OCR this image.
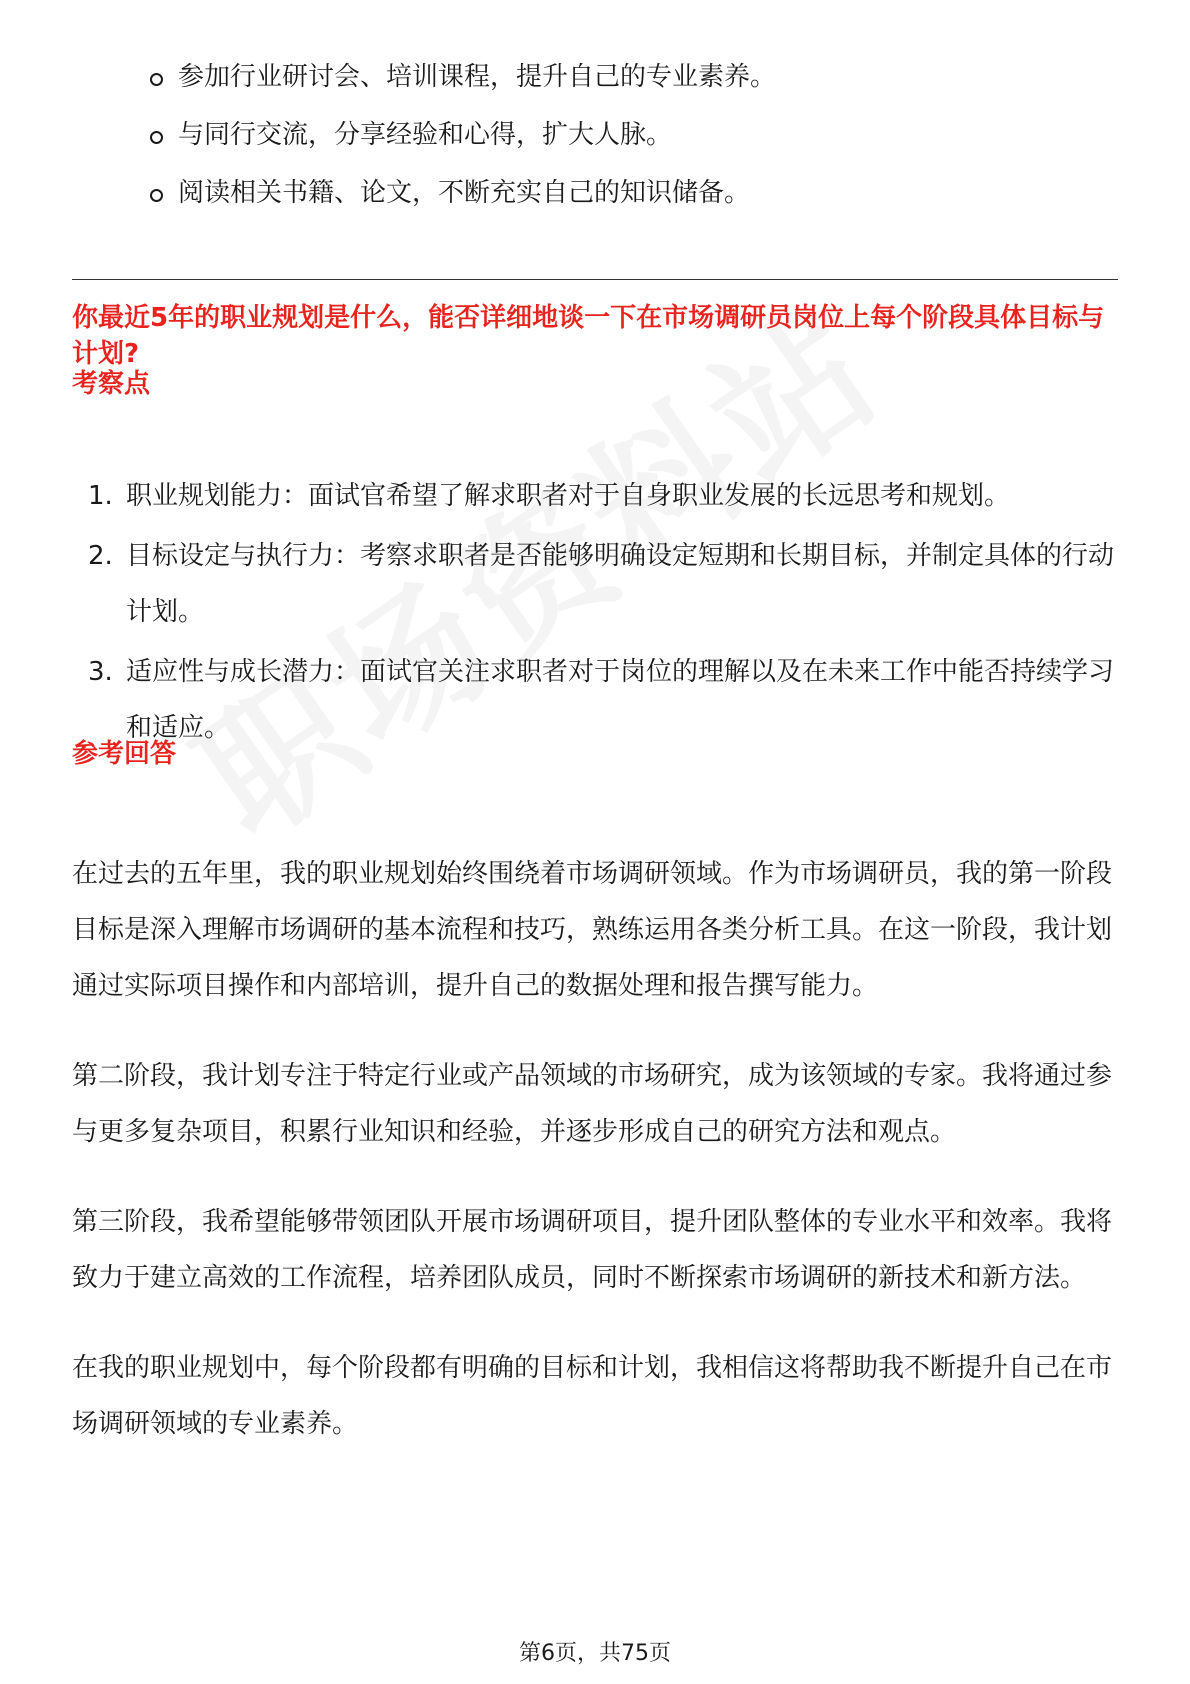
参加行业研讨会、培训课程，提升自己的专业素养。
与同行交流，分享经验和心得，扩大人脉。
阅读相关书籍、论文，不断充实自己的知识储备。
你最近5年的职业规划是什么，能否详细地谈一下在市场调研员岗位上每个阶段具体目标与计划?
考察点
1. 职业规划能力：面试官希望了解求职者对于自身职业发展的长远思考和规划。
2. 目标设定与执行力：考察求职者是否能够明确设定短期和长期目标，并制定具体的行动计划。
3. 适应性与成长潜力：面试官关注求职者对于岗位的理解以及在未来工作中能否持续学习和适应。
参考回答

在过去的五年里，我的职业规划始终围绕着市场调研领域。作为市场调研员，我的第一阶段目标是深入理解市场调研的基本流程和技巧，熟练运用各类分析工具。在这一阶段，我计划通过实际项目操作和内部培训，提升自己的数据处理和报告撰写能力。

第二阶段，我计划专注于特定行业或产品领域的市场研究，成为该领域的专家。我将通过参与更多复杂项目，积累行业知识和经验，并逐步形成自己的研究方法和观点。

第三阶段，我希望能够带领团队开展市场调研项目，提升团队整体的专业水平和效率。我将致力于建立高效的工作流程，培养团队成员，同时不断探索市场调研的新技术和新方法。

在我的职业规划中，每个阶段都有明确的目标和计划，我相信这将帮助我不断提升自己在市场调研领域的专业素养。

第6页，共75页
